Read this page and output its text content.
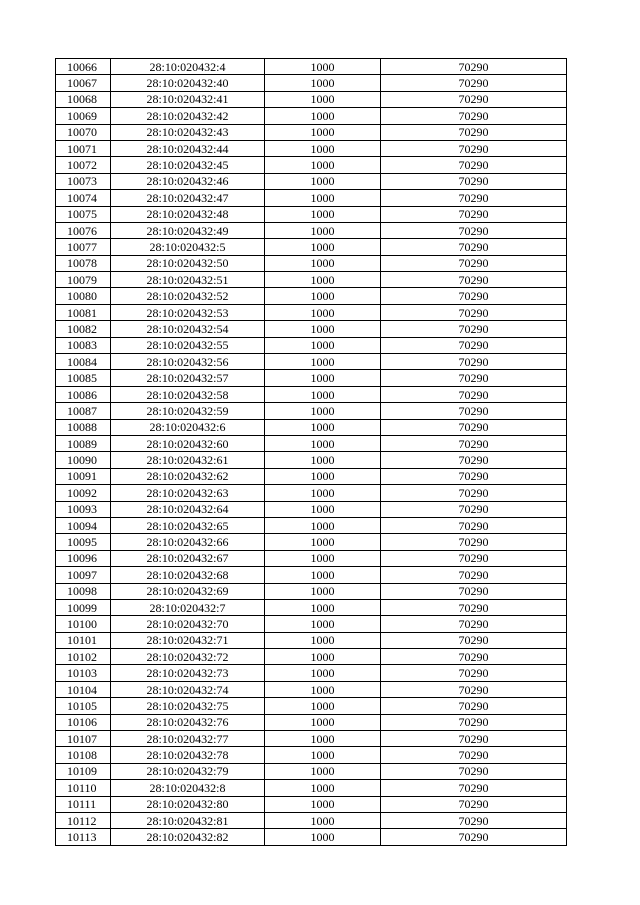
10066	28:10:020432:4	1000	70290
10067	28:10:020432:40	1000	70290
10068	28:10:020432:41	1000	70290
10069	28:10:020432:42	1000	70290
10070	28:10:020432:43	1000	70290
10071	28:10:020432:44	1000	70290
10072	28:10:020432:45	1000	70290
10073	28:10:020432:46	1000	70290
10074	28:10:020432:47	1000	70290
10075	28:10:020432:48	1000	70290
10076	28:10:020432:49	1000	70290
10077	28:10:020432:5	1000	70290
10078	28:10:020432:50	1000	70290
10079	28:10:020432:51	1000	70290
10080	28:10:020432:52	1000	70290
10081	28:10:020432:53	1000	70290
10082	28:10:020432:54	1000	70290
10083	28:10:020432:55	1000	70290
10084	28:10:020432:56	1000	70290
10085	28:10:020432:57	1000	70290
10086	28:10:020432:58	1000	70290
10087	28:10:020432:59	1000	70290
10088	28:10:020432:6	1000	70290
10089	28:10:020432:60	1000	70290
10090	28:10:020432:61	1000	70290
10091	28:10:020432:62	1000	70290
10092	28:10:020432:63	1000	70290
10093	28:10:020432:64	1000	70290
10094	28:10:020432:65	1000	70290
10095	28:10:020432:66	1000	70290
10096	28:10:020432:67	1000	70290
10097	28:10:020432:68	1000	70290
10098	28:10:020432:69	1000	70290
10099	28:10:020432:7	1000	70290
10100	28:10:020432:70	1000	70290
10101	28:10:020432:71	1000	70290
10102	28:10:020432:72	1000	70290
10103	28:10:020432:73	1000	70290
10104	28:10:020432:74	1000	70290
10105	28:10:020432:75	1000	70290
10106	28:10:020432:76	1000	70290
10107	28:10:020432:77	1000	70290
10108	28:10:020432:78	1000	70290
10109	28:10:020432:79	1000	70290
10110	28:10:020432:8	1000	70290
10111	28:10:020432:80	1000	70290
10112	28:10:020432:81	1000	70290
10113	28:10:020432:82	1000	70290
